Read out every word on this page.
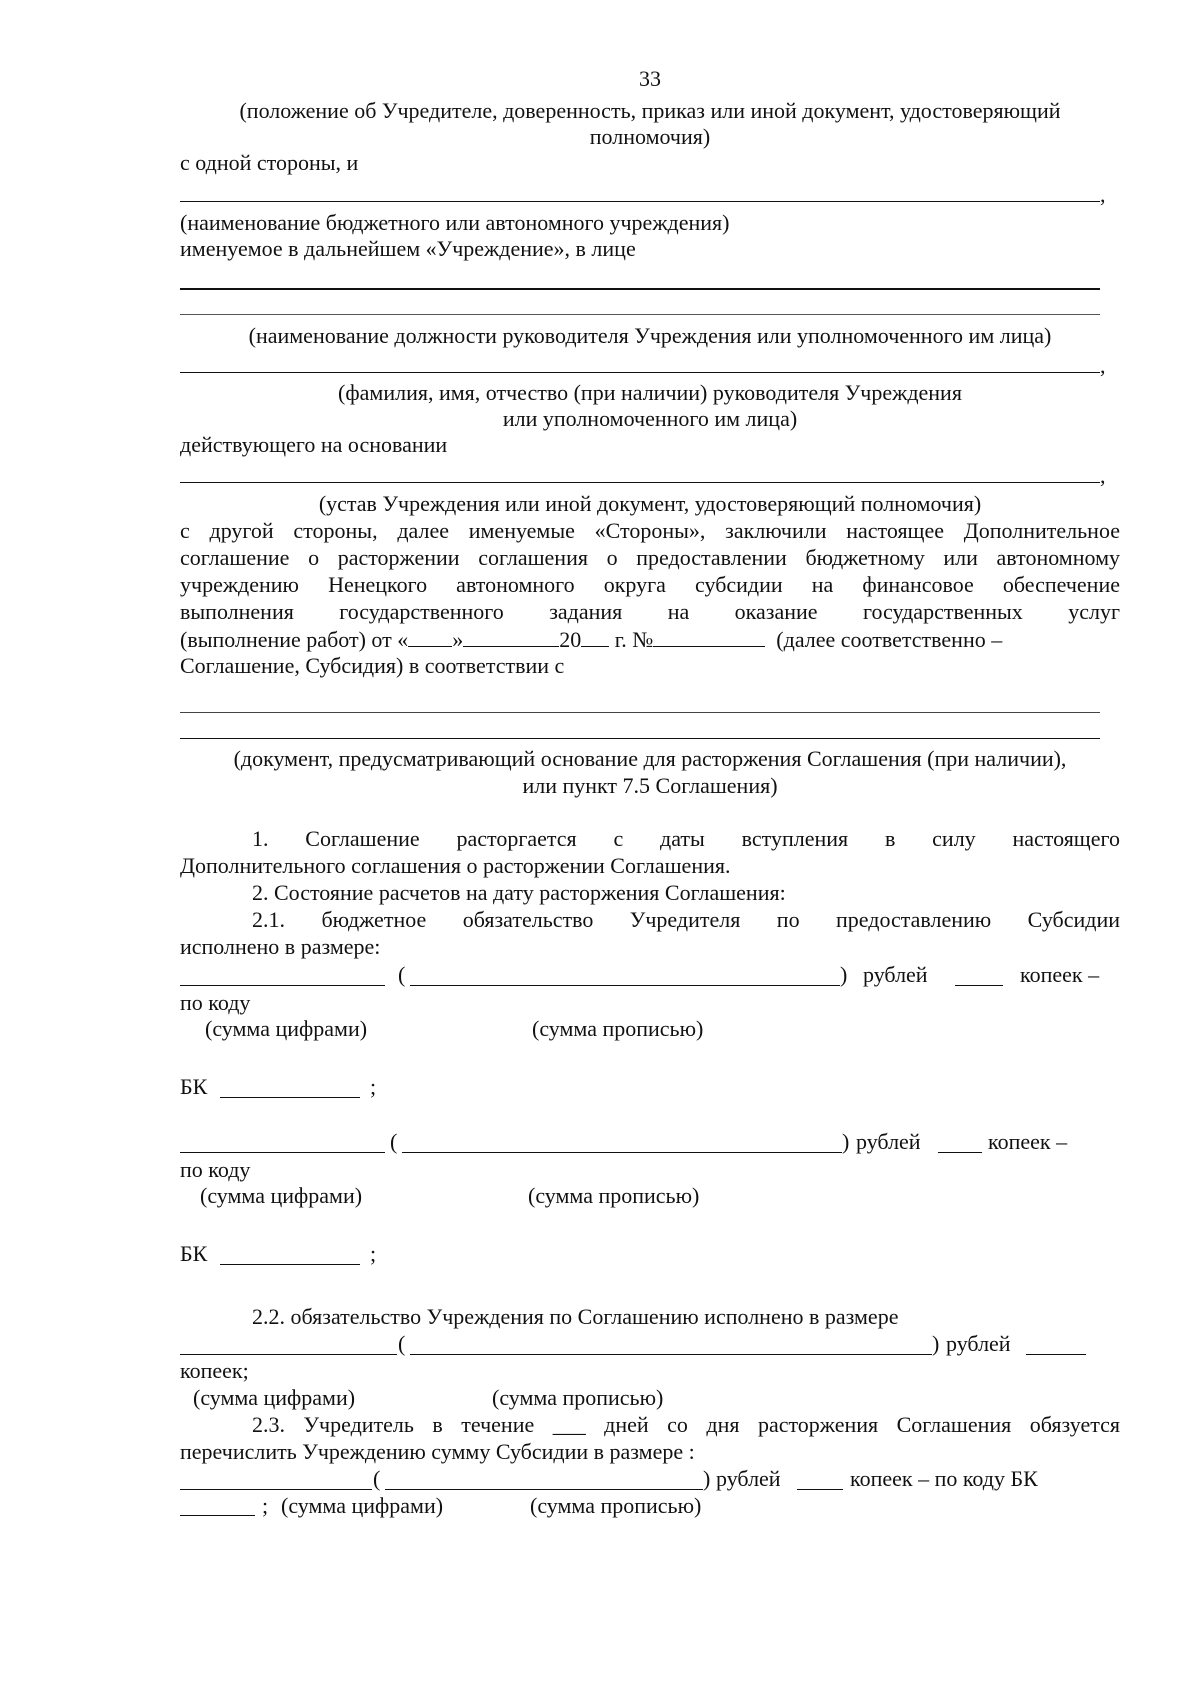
33
(положение об Учредителе, доверенность, приказ или иной документ, удостоверяющий
полномочия)
с одной стороны, и
,
(наименование бюджетного или автономного учреждения)
именуемое в дальнейшем «Учреждение», в лице
(наименование должности руководителя Учреждения или уполномоченного им лица)
,
(фамилия, имя, отчество (при наличии) руководителя Учреждения
или уполномоченного им лица)
действующего на основании
,
(устав Учреждения или иной документ, удостоверяющий полномочия)
с другой стороны, далее именуемые «Стороны», заключили настоящее Дополнительное
соглашение о расторжении соглашения о предоставлении бюджетному или автономному
учреждению Ненецкого автономного округа субсидии на финансовое обеспечение
выполнения государственного задания на оказание государственных услуг
(выполнение работ) от « »	20 г. №	(далее соответственно –
Соглашение, Субсидия) в соответствии с
(документ, предусматривающий основание для расторжения Соглашения (при наличии),
или пункт 7.5 Соглашения)
1. Соглашение расторгается с даты вступления в силу настоящего
Дополнительного соглашения о расторжении Соглашения.
2. Состояние расчетов на дату расторжения Соглашения:
2.1. бюджетное обязательство Учредителя по предоставлению Субсидии
исполнено в размере:
(	) рублей	копеек –
по коду
(сумма цифрами)	(сумма прописью)
БК	;
(	) рублей	копеек –
по коду
(сумма цифрами)	(сумма прописью)
БК	;
2.2. обязательство Учреждения по Соглашению исполнено в размере
(	) рублей
копеек;
(сумма цифрами)	(сумма прописью)
2.3. Учредитель в течение ___ дней со дня расторжения Соглашения обязуется
перечислить Учреждению сумму Субсидии в размере :
(	) рублей	копеек – по коду БК
; (сумма цифрами)	(сумма прописью)
